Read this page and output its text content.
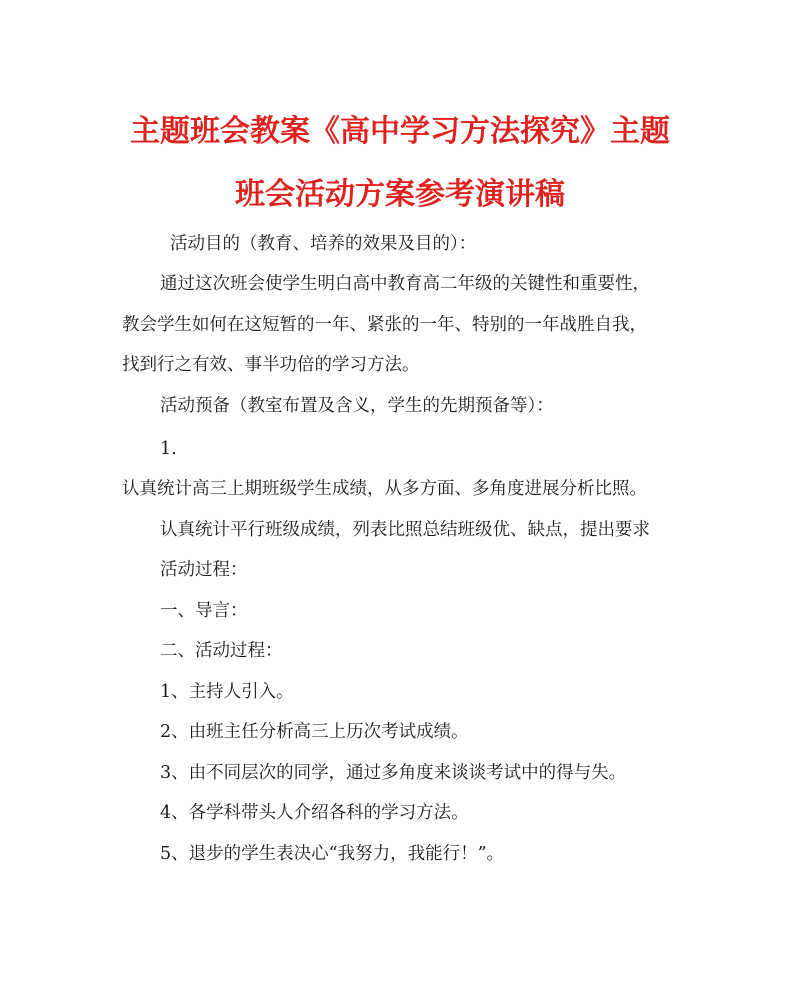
主题班会教案《高中学习方法探究》主题
班会活动方案参考演讲稿
活动目的（教育、培养的效果及目的）：
通过这次班会使学生明白高中教育高二年级的关键性和重要性，
教会学生如何在这短暂的一年、紧张的一年、特别的一年战胜自我，
找到行之有效、事半功倍的学习方法。
活动预备（教室布置及含义，学生的先期预备等）：
1.
认真统计高三上期班级学生成绩，从多方面、多角度进展分析比照。
认真统计平行班级成绩，列表比照总结班级优、缺点，提出要求
活动过程：
一、导言：
二、活动过程：
1、主持人引入。
2、由班主任分析高三上历次考试成绩。
3、由不同层次的同学，通过多角度来谈谈考试中的得与失。
4、各学科带头人介绍各科的学习方法。
5、退步的学生表决心“我努力，我能行！”。
